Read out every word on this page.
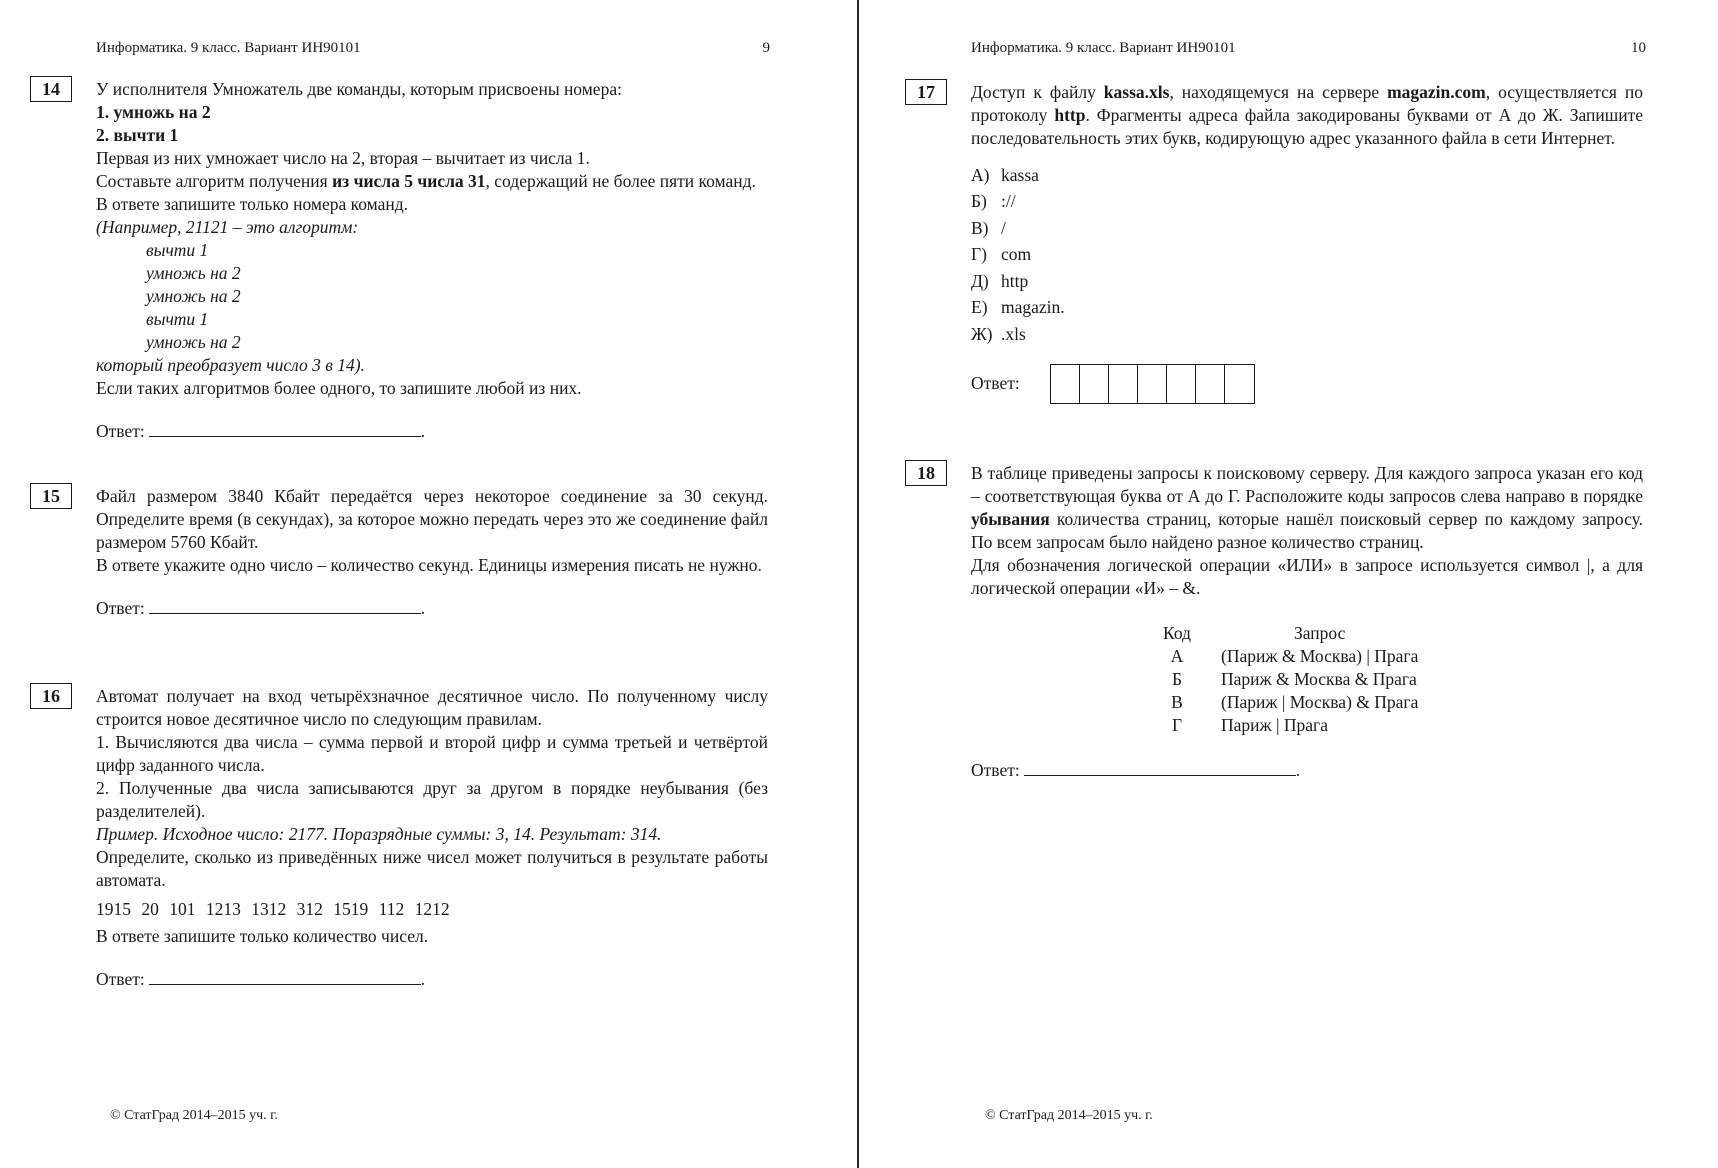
Информатика. 9 класс. Вариант ИН90101	9
14	У исполнителя Умножатель две команды, которым присвоены номера:

1. умножь на 2

2. вычти 1

Первая из них умножает число на 2, вторая – вычитает из числа 1.

Составьте алгоритм получения из числа 5 числа 31, содержащий не более пяти команд. В ответе запишите только номера команд.

(Например, 21121 – это алгоритм:

вычти 1

умножь на 2

умножь на 2

вычти 1

умножь на 2

который преобразует число 3 в 14).

Если таких алгоритмов более одного, то запишите любой из них.

Ответ:	.
15	Файл размером 3840 Кбайт передаётся через некоторое соединение за 30 секунд. Определите время (в секундах), за которое можно передать через это же соединение файл размером 5760 Кбайт.

В ответе укажите одно число – количество секунд. Единицы измерения писать не нужно.

Ответ:	.
16	Автомат получает на вход четырёхзначное десятичное число. По полученному числу строится новое десятичное число по следующим правилам.

1. Вычисляются два числа – сумма первой и второй цифр и сумма третьей и четвёртой цифр заданного числа.

2. Полученные два числа записываются друг за другом в порядке неубывания (без разделителей).

Пример. Исходное число: 2177. Поразрядные суммы: 3, 14. Результат: 314.

Определите, сколько из приведённых ниже чисел может получиться в результате работы автомата.

1915 20 101 1213 1312 312 1519 112 1212

В ответе запишите только количество чисел.

Ответ:	.
© СтатГрад 2014–2015 уч. г.
Информатика. 9 класс. Вариант ИН90101	10
17	Доступ к файлу kassa.xls, находящемуся на сервере magazin.com, осуществляется по протоколу http. Фрагменты адреса файла закодированы буквами от А до Ж. Запишите последовательность этих букв, кодирующую адрес указанного файла в сети Интернет.

А) kassa
Б) ://
В) /
Г) com
Д) http
Е) magazin.
Ж) .xls
Ответ:
18	В таблице приведены запросы к поисковому серверу. Для каждого запроса указан его код – соответствующая буква от А до Г. Расположите коды запросов слева направо в порядке убывания количества страниц, которые нашёл поисковый сервер по каждому запросу. По всем запросам было найдено разное количество страниц.

Для обозначения логической операции «ИЛИ» в запросе используется символ |, а для логической операции «И» – &.

Код	Запрос
А	(Париж & Москва) | Прага
Б	Париж & Москва & Прага
В	(Париж | Москва) & Прага
Г	Париж | Прага
Ответ:	.
© СтатГрад 2014–2015 уч. г.
